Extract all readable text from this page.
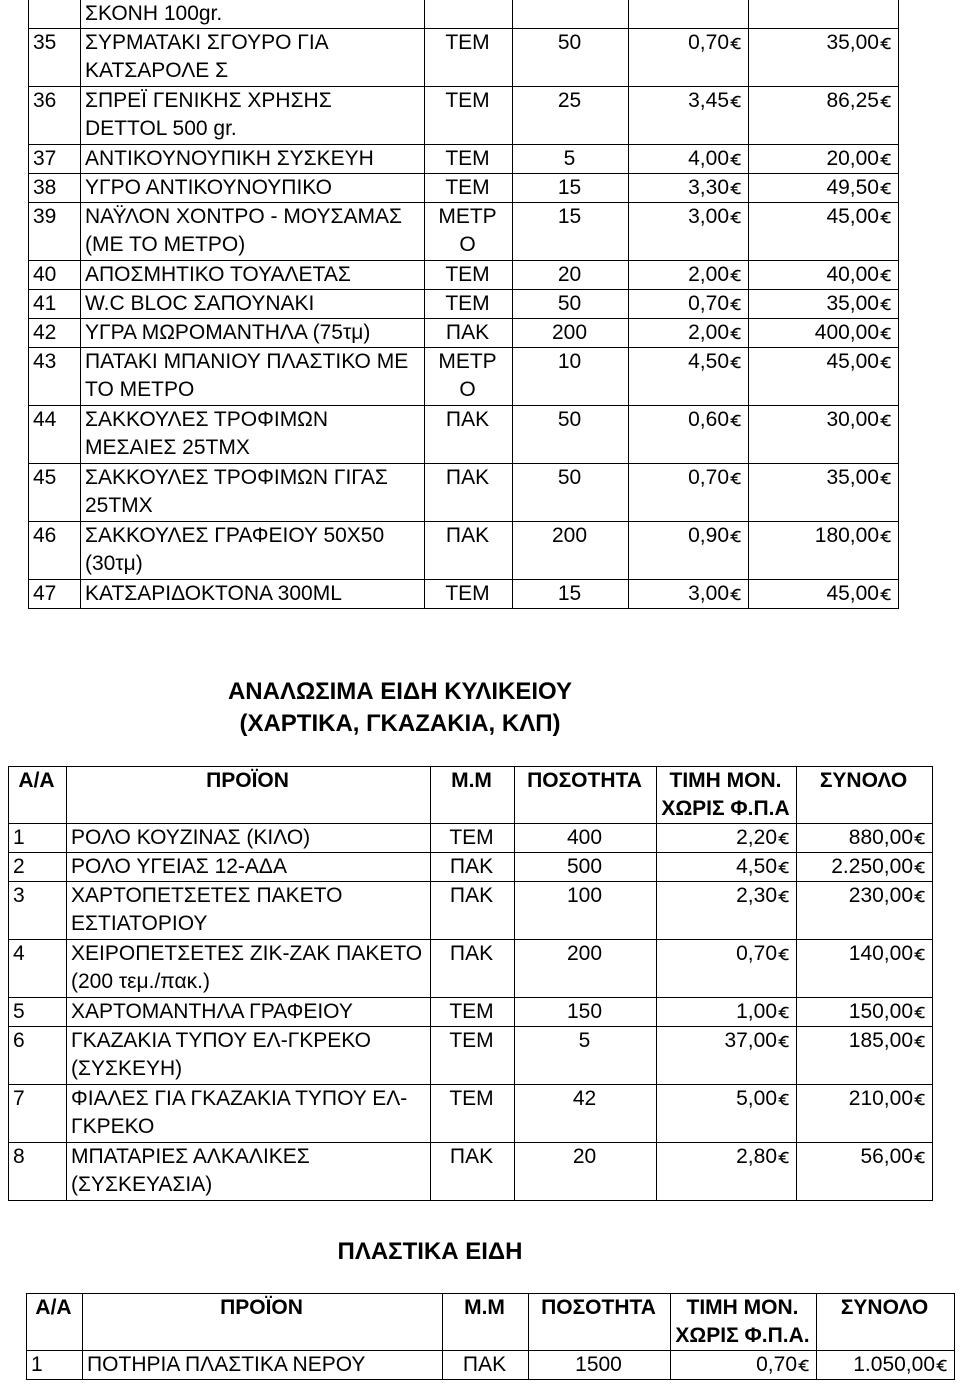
	ΣΚΟΝΗ 100gr.				
35	ΣΥΡΜΑΤΑΚΙ ΣΓΟΥΡΟ ΓΙΑ ΚΑΤΣΑΡΟΛΕ Σ	ΤΕΜ	50	0,70	35,00
36	ΣΠΡΕΪ ΓΕΝΙΚΗΣ ΧΡΗΣΗΣ DETTOL 500 gr.	ΤΕΜ	25	3,45	86,25
37	ΑΝΤΙΚΟΥΝΟΥΠΙΚΗ ΣΥΣΚΕΥΗ	ΤΕΜ	5	4,00	20,00
38	ΥΓΡΟ ΑΝΤΙΚΟΥΝΟΥΠΙΚΟ	ΤΕΜ	15	3,30	49,50
39	ΝΑΫΛΟΝ ΧΟΝΤΡΟ - ΜΟΥΣΑΜΑΣ (ΜΕ ΤΟ ΜΕΤΡΟ)	ΜΕΤΡ Ο	15	3,00	45,00
40	ΑΠΟΣΜΗΤΙΚΟ ΤΟΥΑΛΕΤΑΣ	ΤΕΜ	20	2,00	40,00
41	W.C BLOC ΣΑΠΟΥΝΑΚΙ	ΤΕΜ	50	0,70	35,00
42	ΥΓΡΑ ΜΩΡΟΜΑΝΤΗΛΑ (75τμ)	ΠΑΚ	200	2,00	400,00
43	ΠΑΤΑΚΙ ΜΠΑΝΙΟΥ ΠΛΑΣΤΙΚΟ ΜΕ ΤΟ ΜΕΤΡΟ	ΜΕΤΡ Ο	10	4,50	45,00
44	ΣΑΚΚΟΥΛΕΣ ΤΡΟΦΙΜΩΝ ΜΕΣΑΙΕΣ 25ΤΜΧ	ΠΑΚ	50	0,60	30,00
45	ΣΑΚΚΟΥΛΕΣ ΤΡΟΦΙΜΩΝ ΓΙΓΑΣ 25ΤΜΧ	ΠΑΚ	50	0,70	35,00
46	ΣΑΚΚΟΥΛΕΣ ΓΡΑΦΕΙΟΥ 50Χ50 (30τμ)	ΠΑΚ	200	0,90	180,00
47	ΚΑΤΣΑΡΙΔΟΚΤΟΝΑ 300ML	ΤΕΜ	15	3,00	45,00
ΑΝΑΛΩΣΙΜΑ ΕΙΔΗ ΚΥΛΙΚΕΙΟΥ
(ΧΑΡΤΙΚΑ, ΓΚΑΖΑΚΙΑ, ΚΛΠ)
Α/Α	ΠΡΟΪΟΝ	Μ.Μ	ΠΟΣΟΤΗΤΑ	ΤΙΜΗ ΜΟΝ. ΧΩΡΙΣ Φ.Π.Α	ΣΥΝΟΛΟ
1	ΡΟΛΟ ΚΟΥΖΙΝΑΣ (ΚΙΛΟ)	ΤΕΜ	400	2,20	880,00
2	ΡΟΛΟ ΥΓΕΙΑΣ 12-ΑΔΑ	ΠΑΚ	500	4,50	2.250,00
3	ΧΑΡΤΟΠΕΤΣΕΤΕΣ ΠΑΚΕΤΟ ΕΣΤΙΑΤΟΡΙΟΥ	ΠΑΚ	100	2,30	230,00
4	ΧΕΙΡΟΠΕΤΣΕΤΕΣ ΖΙΚ-ΖΑΚ ΠΑΚΕΤΟ (200 τεμ./πακ.)	ΠΑΚ	200	0,70	140,00
5	ΧΑΡΤΟΜΑΝΤΗΛΑ ΓΡΑΦΕΙΟΥ	ΤΕΜ	150	1,00	150,00
6	ΓΚΑΖΑΚΙΑ ΤΥΠΟΥ ΕΛ-ΓΚΡΕΚΟ (ΣΥΣΚΕΥΗ)	ΤΕΜ	5	37,00	185,00
7	ΦΙΑΛΕΣ ΓΙΑ ΓΚΑΖΑΚΙΑ ΤΥΠΟΥ ΕΛ-ΓΚΡΕΚΟ	ΤΕΜ	42	5,00	210,00
8	ΜΠΑΤΑΡΙΕΣ ΑΛΚΑΛΙΚΕΣ (ΣΥΣΚΕΥΑΣΙΑ)	ΠΑΚ	20	2,80	56,00
ΠΛΑΣΤΙΚΑ ΕΙΔΗ
Α/Α	ΠΡΟΪΟΝ	Μ.Μ	ΠΟΣΟΤΗΤΑ	ΤΙΜΗ ΜΟΝ. ΧΩΡΙΣ Φ.Π.Α.	ΣΥΝΟΛΟ
1	ΠΟΤΗΡΙΑ ΠΛΑΣΤΙΚΑ ΝΕΡΟΥ	ΠΑΚ	1500	0,70	1.050,00
